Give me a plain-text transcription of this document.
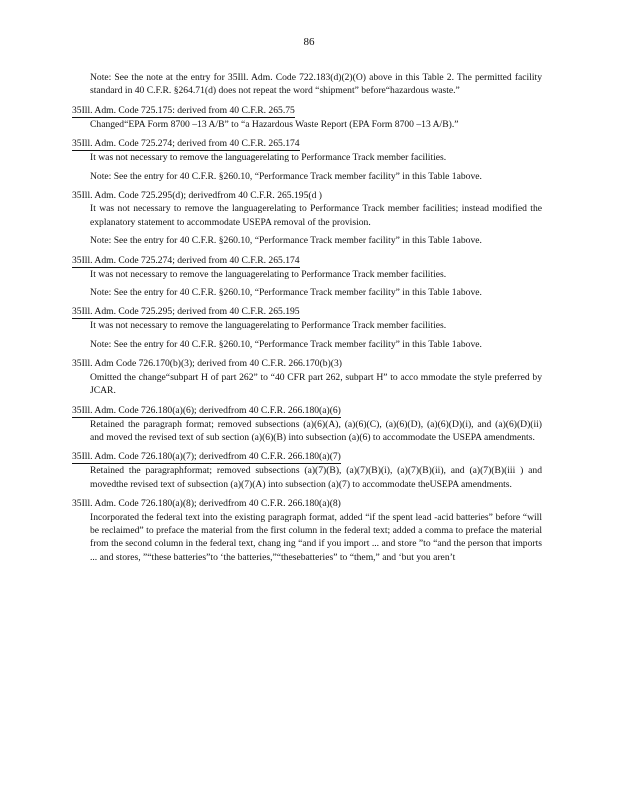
86

Note: See the note at the entry for 35Ill. Adm. Code 722.183(d)(2)(O) above in this Table 2. The permitted facility standard in 40 C.F.R. §264.71(d) does not repeat the word “shipment” before“hazardous waste.”

35Ill. Adm. Code 725.175: derived from 40 C.F.R. 265.75

Changed“EPA Form 8700 –13 A/B” to “a Hazardous Waste Report (EPA Form 8700 –13 A/B).”

35Ill. Adm. Code 725.274; derived from 40 C.F.R. 265.174

It was not necessary to remove the languagerelating to Performance Track member facilities.

Note: See the entry for 40 C.F.R. §260.10, “Performance Track member facility” in this Table 1above.

35Ill. Adm. Code 725.295(d); derivedfrom 40 C.F.R. 265.195(d )

It was not necessary to remove the languagerelating to Performance Track member facilities; instead modified the explanatory statement to accommodate USEPA removal of the provision.

Note: See the entry for 40 C.F.R. §260.10, “Performance Track member facility” in this Table 1above.

35Ill. Adm. Code 725.274; derived from 40 C.F.R. 265.174

It was not necessary to remove the languagerelating to Performance Track member facilities.

Note: See the entry for 40 C.F.R. §260.10, “Performance Track member facility” in this Table 1above.

35Ill. Adm. Code 725.295; derived from 40 C.F.R. 265.195

It was not necessary to remove the languagerelating to Performance Track member facilities.

Note: See the entry for 40 C.F.R. §260.10, “Performance Track member facility” in this Table 1above.

35Ill. Adm Code 726.170(b)(3); derived from 40 C.F.R. 266.170(b)(3)

Omitted the change“subpart H of part 262” to “40 CFR part 262, subpart H” to acco mmodate the style preferred by JCAR.

35Ill. Adm. Code 726.180(a)(6); derivedfrom 40 C.F.R. 266.180(a)(6)

Retained the paragraph format; removed subsections (a)(6)(A), (a)(6)(C), (a)(6)(D), (a)(6)(D)(i), and (a)(6)(D)(ii) and moved the revised text of sub section (a)(6)(B) into subsection (a)(6) to accommodate the USEPA amendments.

35Ill. Adm. Code 726.180(a)(7); derivedfrom 40 C.F.R. 266.180(a)(7)

Retained the paragraphformat; removed subsections (a)(7)(B), (a)(7)(B)(i), (a)(7)(B)(ii), and (a)(7)(B)(iii ) and movedthe revised text of subsection (a)(7)(A) into subsection (a)(7) to accommodate theUSEPA amendments.

35Ill. Adm. Code 726.180(a)(8); derivedfrom 40 C.F.R. 266.180(a)(8)

Incorporated the federal text into the existing paragraph format, added “if the spent lead -acid batteries” before “will be reclaimed” to preface the material from the first column in the federal text; added a comma to preface the material from the second column in the federal text, chang ing “and if you import ... and store ”to “and the person that imports ... and stores, ”“these batteries”to ‘the batteries,”“thesebatteries” to “them,” and ‘but you aren’t
